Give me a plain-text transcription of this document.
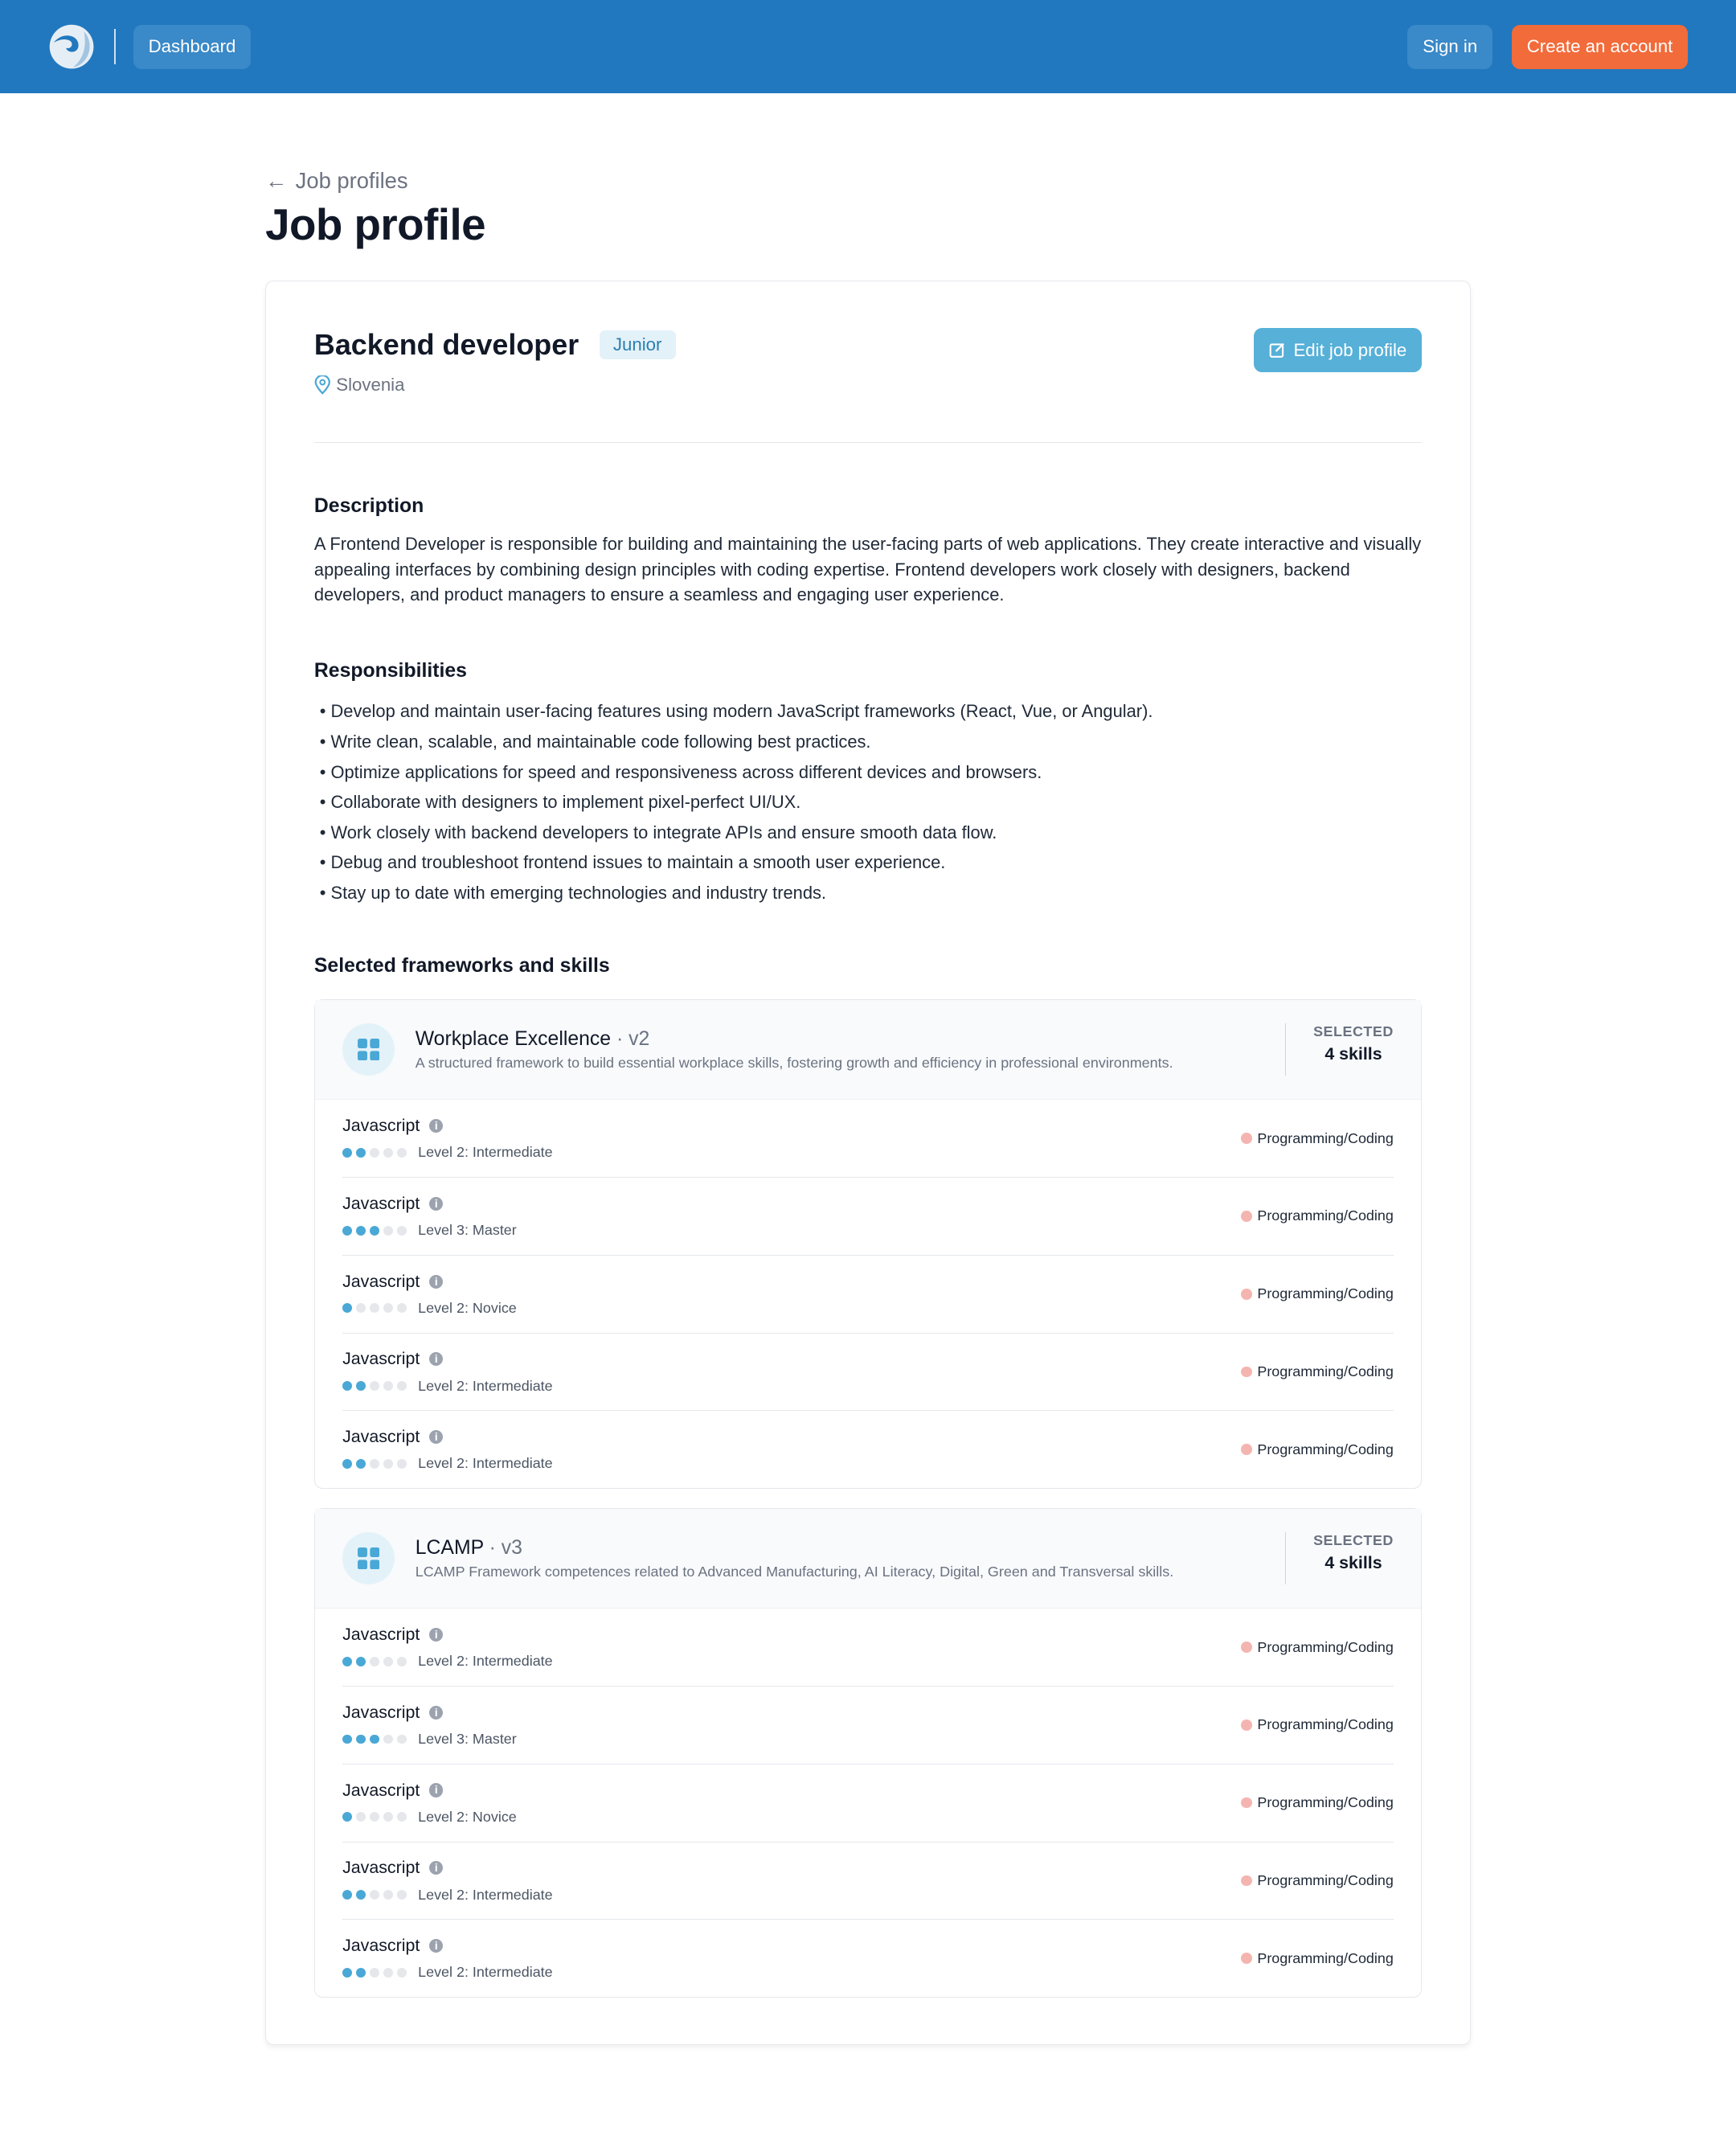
Dashboard	Sign in	Create an account
← Job profiles
Job profile
Backend developer	Junior
Slovenia
Edit job profile
Description

A Frontend Developer is responsible for building and maintaining the user-facing parts of web applications. They create interactive and visually appealing interfaces by combining design principles with coding expertise. Frontend developers work closely with designers, backend developers, and product managers to ensure a seamless and engaging user experience.

Responsibilities
• Develop and maintain user-facing features using modern JavaScript frameworks (React, Vue, or Angular).
• Write clean, scalable, and maintainable code following best practices.
• Optimize applications for speed and responsiveness across different devices and browsers.
• Collaborate with designers to implement pixel-perfect UI/UX.
• Work closely with backend developers to integrate APIs and ensure smooth data flow.
• Debug and troubleshoot frontend issues to maintain a smooth user experience.
• Stay up to date with emerging technologies and industry trends.
Selected frameworks and skills
Workplace Excellence · v2
A structured framework to build essential workplace skills, fostering growth and efficiency in professional environments.
SELECTED
4 skills
Javascript	i
Level 2: Intermediate
Programming/Coding
Javascript	i
Level 3: Master
Programming/Coding
Javascript	i
Level 2: Novice
Programming/Coding
Javascript	i
Level 2: Intermediate
Programming/Coding
Javascript	i
Level 2: Intermediate
Programming/Coding
LCAMP · v3
LCAMP Framework competences related to Advanced Manufacturing, AI Literacy, Digital, Green and Transversal skills.
SELECTED
4 skills
Javascript	i
Level 2: Intermediate
Programming/Coding
Javascript	i
Level 3: Master
Programming/Coding
Javascript	i
Level 2: Novice
Programming/Coding
Javascript	i
Level 2: Intermediate
Programming/Coding
Javascript	i
Level 2: Intermediate
Programming/Coding
